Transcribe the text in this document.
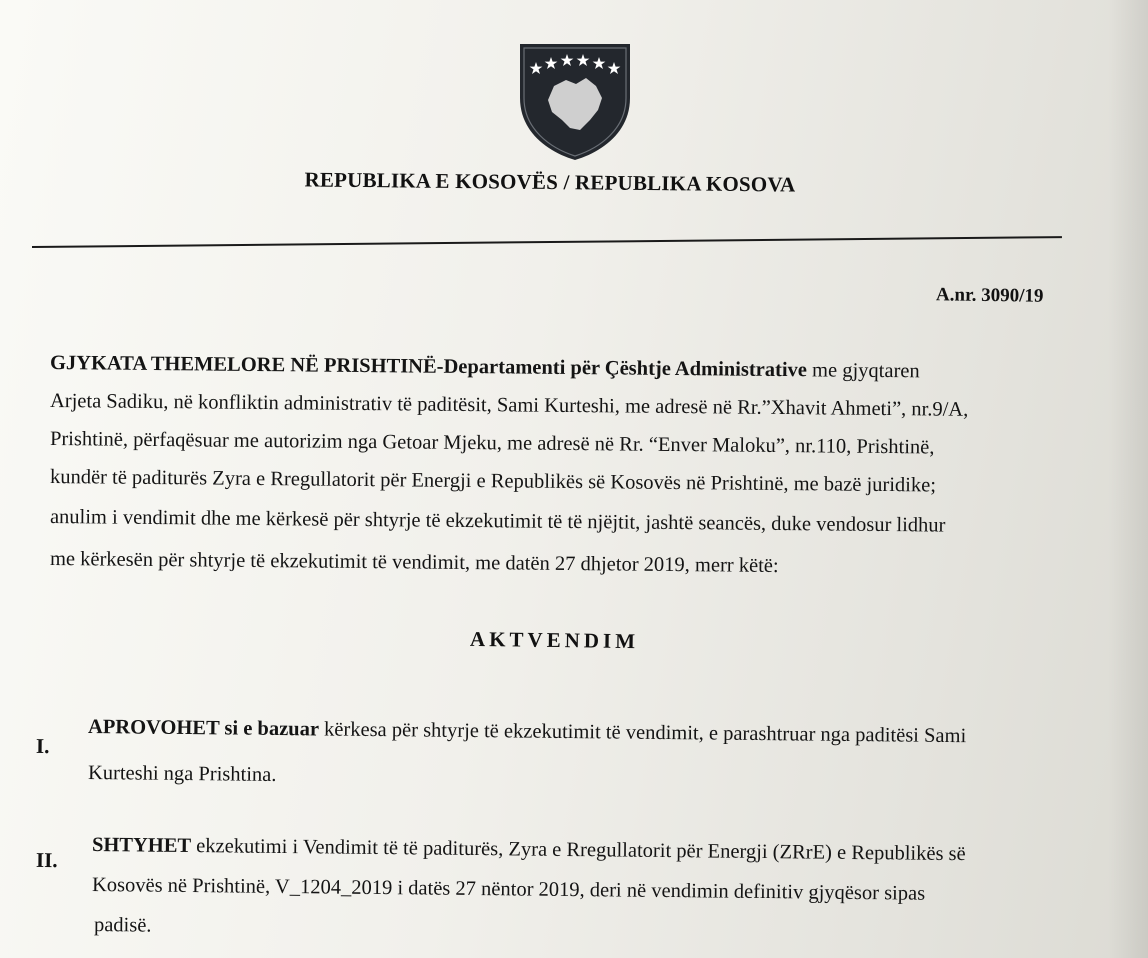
REPUBLIKA E KOSOVËS / REPUBLIKA KOSOVA
A.nr. 3090/19
GJYKATA THEMELORE NË PRISHTINË-Departamenti për Çështje Administrative me gjyqtaren
Arjeta Sadiku, në konfliktin administrativ të paditësit, Sami Kurteshi, me adresë në Rr.”Xhavit Ahmeti”, nr.9/A,
Prishtinë, përfaqësuar me autorizim nga Getoar Mjeku, me adresë në Rr. “Enver Maloku”, nr.110, Prishtinë,
kundër të paditurës Zyra e Rregullatorit për Energji e Republikës së Kosovës në Prishtinë, me bazë juridike;
anulim i vendimit dhe me kërkesë për shtyrje të ekzekutimit të të njëjtit, jashtë seancës, duke vendosur lidhur
me kërkesën për shtyrje të ekzekutimit të vendimit, me datën 27 dhjetor 2019, merr këtë:
AKTVENDIM
I.
APROVOHET si e bazuar kërkesa për shtyrje të ekzekutimit të vendimit, e parashtruar nga paditësi Sami
Kurteshi nga Prishtina.
II.
SHTYHET ekzekutimi i Vendimit të të paditurës, Zyra e Rregullatorit për Energji (ZRrE) e Republikës së
Kosovës në Prishtinë, V_1204_2019 i datës 27 nëntor 2019, deri në vendimin definitiv gjyqësor sipas
padisë.
